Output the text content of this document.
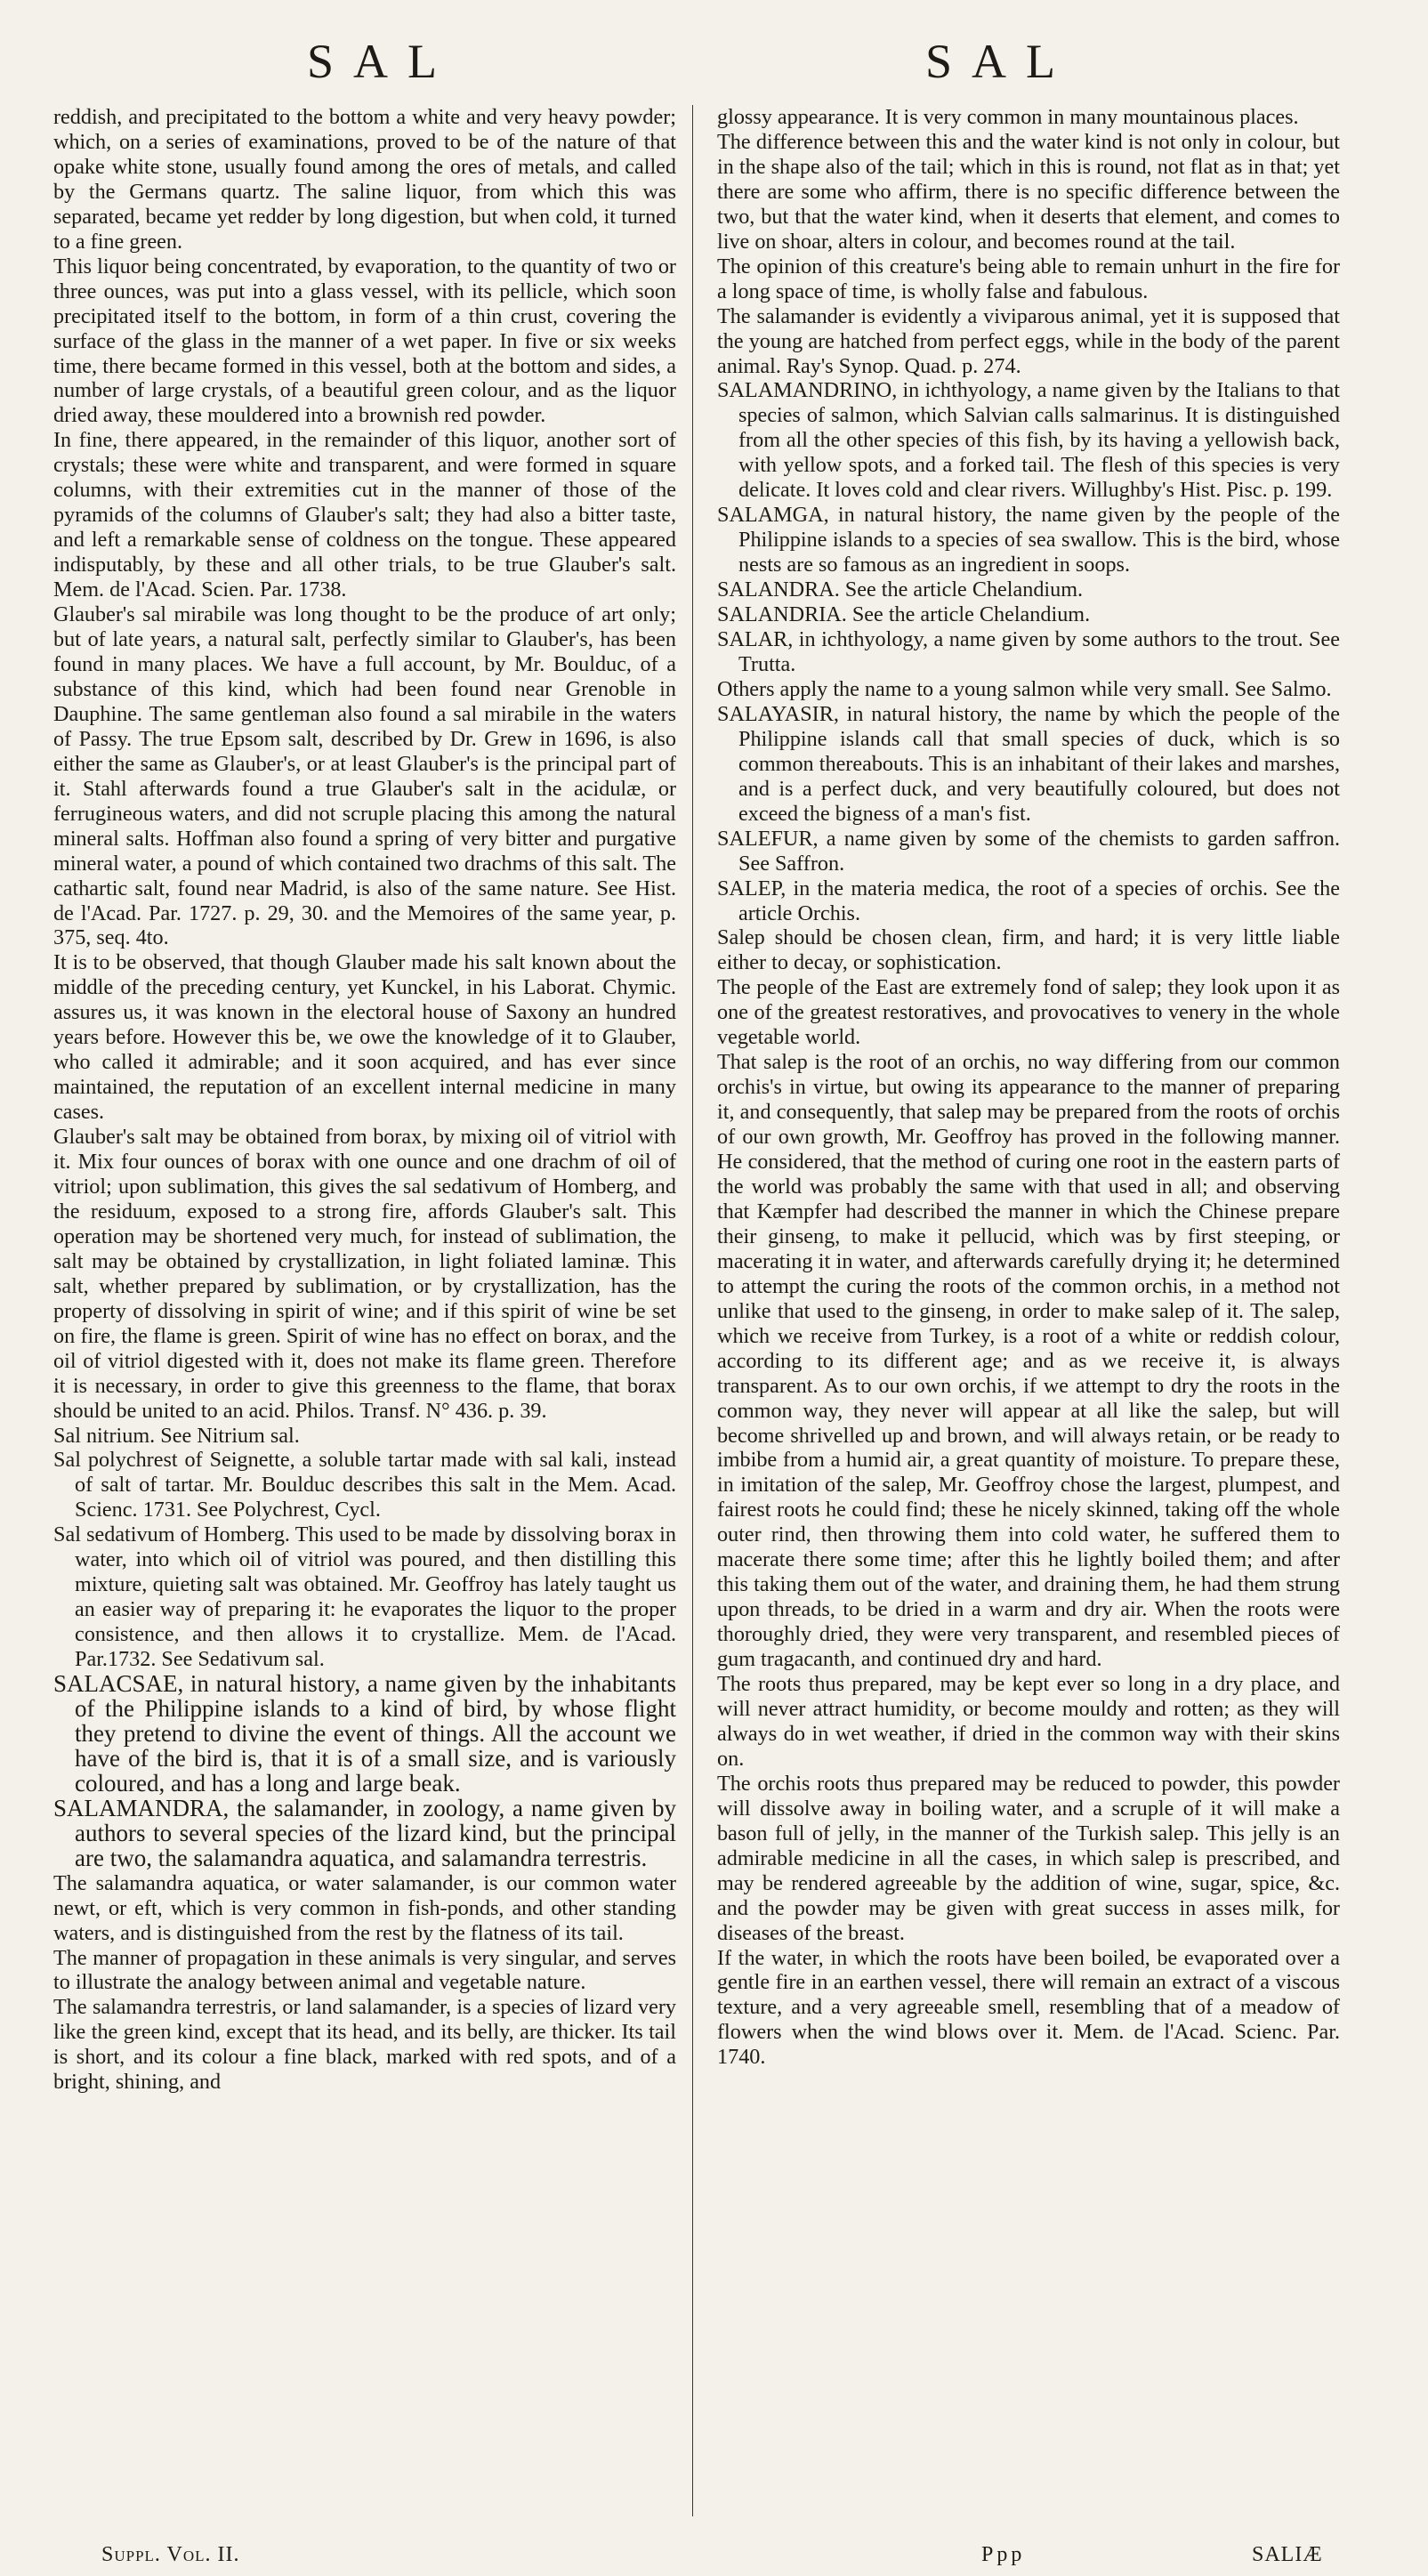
SAL	SAL

reddish, and precipitated to the bottom a white and very heavy powder; which, on a series of examinations, proved to be of the nature of that opake white stone, usually found among the ores of metals, and called by the Germans quartz. The saline liquor, from which this was separated, became yet redder by long digestion, but when cold, it turned to a fine green.

This liquor being concentrated, by evaporation, to the quantity of two or three ounces, was put into a glass vessel, with its pellicle, which soon precipitated itself to the bottom, in form of a thin crust, covering the surface of the glass in the manner of a wet paper. In five or six weeks time, there became formed in this vessel, both at the bottom and sides, a number of large crystals, of a beautiful green colour, and as the liquor dried away, these mouldered into a brownish red powder.

In fine, there appeared, in the remainder of this liquor, another sort of crystals; these were white and transparent, and were formed in square columns, with their extremities cut in the manner of those of the pyramids of the columns of Glauber's salt; they had also a bitter taste, and left a remarkable sense of coldness on the tongue. These appeared indisputably, by these and all other trials, to be true Glauber's salt. Mem. de l'Acad. Scien. Par. 1738.

Glauber's sal mirabile was long thought to be the produce of art only; but of late years, a natural salt, perfectly similar to Glauber's, has been found in many places. We have a full account, by Mr. Boulduc, of a substance of this kind, which had been found near Grenoble in Dauphine. The same gentleman also found a sal mirabile in the waters of Passy. The true Epsom salt, described by Dr. Grew in 1696, is also either the same as Glauber's, or at least Glauber's is the principal part of it. Stahl afterwards found a true Glauber's salt in the acidulæ, or ferrugineous waters, and did not scruple placing this among the natural mineral salts. Hoffman also found a spring of very bitter and purgative mineral water, a pound of which contained two drachms of this salt. The cathartic salt, found near Madrid, is also of the same nature. See Hist. de l'Acad. Par. 1727. p. 29, 30. and the Memoires of the same year, p. 375, seq. 4to.

It is to be observed, that though Glauber made his salt known about the middle of the preceding century, yet Kunckel, in his Laborat. Chymic. assures us, it was known in the electoral house of Saxony an hundred years before. However this be, we owe the knowledge of it to Glauber, who called it admirable; and it soon acquired, and has ever since maintained, the reputation of an excellent internal medicine in many cases.

Glauber's salt may be obtained from borax, by mixing oil of vitriol with it. Mix four ounces of borax with one ounce and one drachm of oil of vitriol; upon sublimation, this gives the sal sedativum of Homberg, and the residuum, exposed to a strong fire, affords Glauber's salt. This operation may be shortened very much, for instead of sublimation, the salt may be obtained by crystallization, in light foliated laminæ. This salt, whether prepared by sublimation, or by crystallization, has the property of dissolving in spirit of wine; and if this spirit of wine be set on fire, the flame is green. Spirit of wine has no effect on borax, and the oil of vitriol digested with it, does not make its flame green. Therefore it is necessary, in order to give this greenness to the flame, that borax should be united to an acid. Philos. Transf. N° 436. p. 39.

Sal nitrium. See Nitrium sal.

Sal polychrest of Seignette, a soluble tartar made with sal kali, instead of salt of tartar. Mr. Boulduc describes this salt in the Mem. Acad. Scienc. 1731. See Polychrest, Cycl.

Sal sedativum of Homberg. This used to be made by dissolving borax in water, into which oil of vitriol was poured, and then distilling this mixture, quieting salt was obtained. Mr. Geoffroy has lately taught us an easier way of preparing it: he evaporates the liquor to the proper consistence, and then allows it to crystallize. Mem. de l'Acad. Par.1732. See Sedativum sal.

SALACSAE, in natural history, a name given by the inhabitants of the Philippine islands to a kind of bird, by whose flight they pretend to divine the event of things. All the account we have of the bird is, that it is of a small size, and is variously coloured, and has a long and large beak.

SALAMANDRA, the salamander, in zoology, a name given by authors to several species of the lizard kind, but the principal are two, the salamandra aquatica, and salamandra terrestris.

The salamandra aquatica, or water salamander, is our common water newt, or eft, which is very common in fish-ponds, and other standing waters, and is distinguished from the rest by the flatness of its tail.

The manner of propagation in these animals is very singular, and serves to illustrate the analogy between animal and vegetable nature.

The salamandra terrestris, or land salamander, is a species of lizard very like the green kind, except that its head, and its belly, are thicker. Its tail is short, and its colour a fine black, marked with red spots, and of a bright, shining, and

glossy appearance. It is very common in many mountainous places.

The difference between this and the water kind is not only in colour, but in the shape also of the tail; which in this is round, not flat as in that; yet there are some who affirm, there is no specific difference between the two, but that the water kind, when it deserts that element, and comes to live on shoar, alters in colour, and becomes round at the tail.

The opinion of this creature's being able to remain unhurt in the fire for a long space of time, is wholly false and fabulous.

The salamander is evidently a viviparous animal, yet it is supposed that the young are hatched from perfect eggs, while in the body of the parent animal. Ray's Synop. Quad. p. 274.

SALAMANDRINO, in ichthyology, a name given by the Italians to that species of salmon, which Salvian calls salmarinus. It is distinguished from all the other species of this fish, by its having a yellowish back, with yellow spots, and a forked tail. The flesh of this species is very delicate. It loves cold and clear rivers. Willughby's Hist. Pisc. p. 199.

SALAMGA, in natural history, the name given by the people of the Philippine islands to a species of sea swallow. This is the bird, whose nests are so famous as an ingredient in soops.

SALANDRA. See the article Chelandium.

SALANDRIA. See the article Chelandium.

SALAR, in ichthyology, a name given by some authors to the trout. See Trutta.

Others apply the name to a young salmon while very small. See Salmo.

SALAYASIR, in natural history, the name by which the people of the Philippine islands call that small species of duck, which is so common thereabouts. This is an inhabitant of their lakes and marshes, and is a perfect duck, and very beautifully coloured, but does not exceed the bigness of a man's fist.

SALEFUR, a name given by some of the chemists to garden saffron. See Saffron.

SALEP, in the materia medica, the root of a species of orchis. See the article Orchis.

Salep should be chosen clean, firm, and hard; it is very little liable either to decay, or sophistication.

The people of the East are extremely fond of salep; they look upon it as one of the greatest restoratives, and provocatives to venery in the whole vegetable world.

That salep is the root of an orchis, no way differing from our common orchis's in virtue, but owing its appearance to the manner of preparing it, and consequently, that salep may be prepared from the roots of orchis of our own growth, Mr. Geoffroy has proved in the following manner. He considered, that the method of curing one root in the eastern parts of the world was probably the same with that used in all; and observing that Kæmpfer had described the manner in which the Chinese prepare their ginseng, to make it pellucid, which was by first steeping, or macerating it in water, and afterwards carefully drying it; he determined to attempt the curing the roots of the common orchis, in a method not unlike that used to the ginseng, in order to make salep of it. The salep, which we receive from Turkey, is a root of a white or reddish colour, according to its different age; and as we receive it, is always transparent. As to our own orchis, if we attempt to dry the roots in the common way, they never will appear at all like the salep, but will become shrivelled up and brown, and will always retain, or be ready to imbibe from a humid air, a great quantity of moisture. To prepare these, in imitation of the salep, Mr. Geoffroy chose the largest, plumpest, and fairest roots he could find; these he nicely skinned, taking off the whole outer rind, then throwing them into cold water, he suffered them to macerate there some time; after this he lightly boiled them; and after this taking them out of the water, and draining them, he had them strung upon threads, to be dried in a warm and dry air. When the roots were thoroughly dried, they were very transparent, and resembled pieces of gum tragacanth, and continued dry and hard.

The roots thus prepared, may be kept ever so long in a dry place, and will never attract humidity, or become mouldy and rotten; as they will always do in wet weather, if dried in the common way with their skins on.

The orchis roots thus prepared may be reduced to powder, this powder will dissolve away in boiling water, and a scruple of it will make a bason full of jelly, in the manner of the Turkish salep. This jelly is an admirable medicine in all the cases, in which salep is prescribed, and may be rendered agreeable by the addition of wine, sugar, spice, &c. and the powder may be given with great success in asses milk, for diseases of the breast.

If the water, in which the roots have been boiled, be evaporated over a gentle fire in an earthen vessel, there will remain an extract of a viscous texture, and a very agreeable smell, resembling that of a meadow of flowers when the wind blows over it. Mem. de l'Acad. Scienc. Par. 1740.

Suppl. Vol. II.	Ppp	SALIÆ
